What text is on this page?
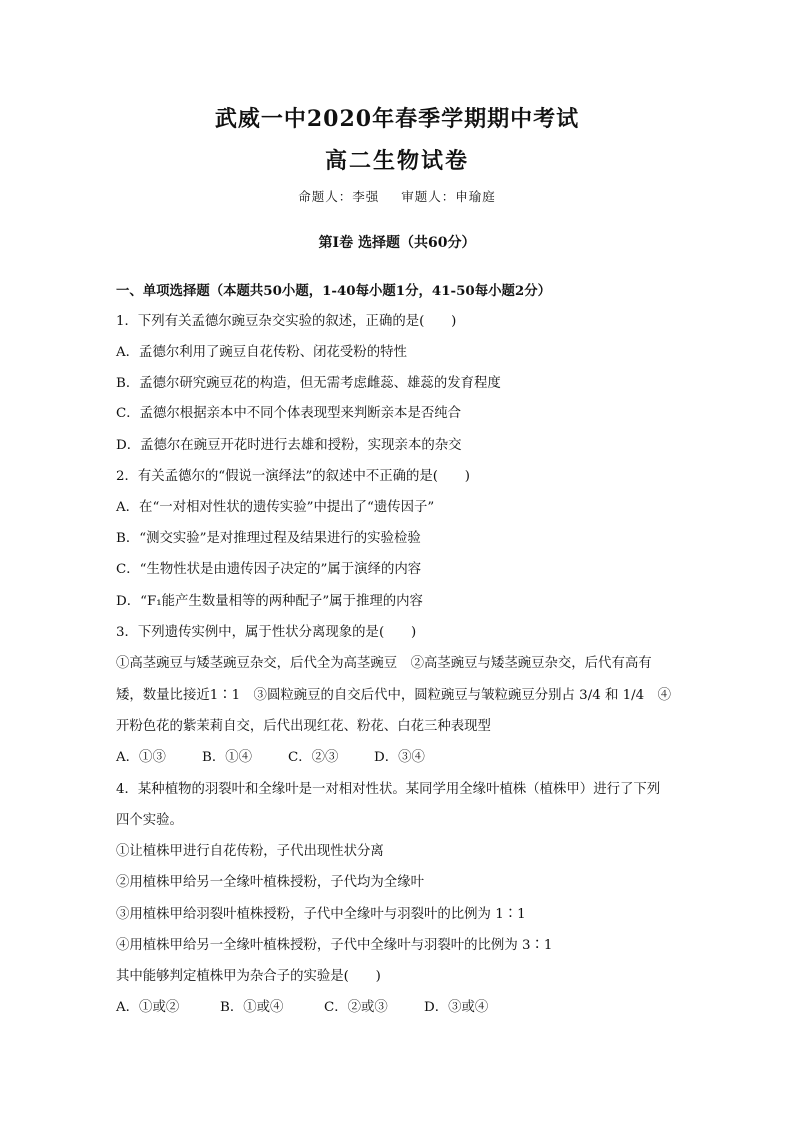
武威一中2020年春季学期期中考试
高二生物试卷
命题人：李强 审题人：申瑜庭
第Ⅰ卷 选择题（共60分）
一、单项选择题（本题共50小题，1-40每小题1分，41-50每小题2分）
1．下列有关孟德尔豌豆杂交实验的叙述，正确的是(　　)
A．孟德尔利用了豌豆自花传粉、闭花受粉的特性
B．孟德尔研究豌豆花的构造，但无需考虑雌蕊、雄蕊的发育程度
C．孟德尔根据亲本中不同个体表现型来判断亲本是否纯合
D．孟德尔在豌豆开花时进行去雄和授粉，实现亲本的杂交
2．有关孟德尔的“假说一演绎法”的叙述中不正确的是(　　)
A．在“一对相对性状的遗传实验”中提出了“遗传因子”
B．“测交实验”是对推理过程及结果进行的实验检验
C．“生物性状是由遗传因子决定的”属于演绎的内容
D．“F₁能产生数量相等的两种配子”属于推理的内容
3．下列遗传实例中，属于性状分离现象的是(　　)
①高茎豌豆与矮茎豌豆杂交，后代全为高茎豌豆　②高茎豌豆与矮茎豌豆杂交，后代有高有
矮，数量比接近1∶1　③圆粒豌豆的自交后代中，圆粒豌豆与皱粒豌豆分别占 3/4 和 1/4　④
开粉色花的紫茉莉自交，后代出现红花、粉花、白花三种表现型
A．①③	B．①④	C．②③	D．③④
4．某种植物的羽裂叶和全缘叶是一对相对性状。某同学用全缘叶植株（植株甲）进行了下列
四个实验。
①让植株甲进行自花传粉，子代出现性状分离
②用植株甲给另一全缘叶植株授粉，子代均为全缘叶
③用植株甲给羽裂叶植株授粉，子代中全缘叶与羽裂叶的比例为 1∶1
④用植株甲给另一全缘叶植株授粉，子代中全缘叶与羽裂叶的比例为 3∶1
其中能够判定植株甲为杂合子的实验是(　　)
A．①或②	B．①或④	C．②或③	D．③或④
